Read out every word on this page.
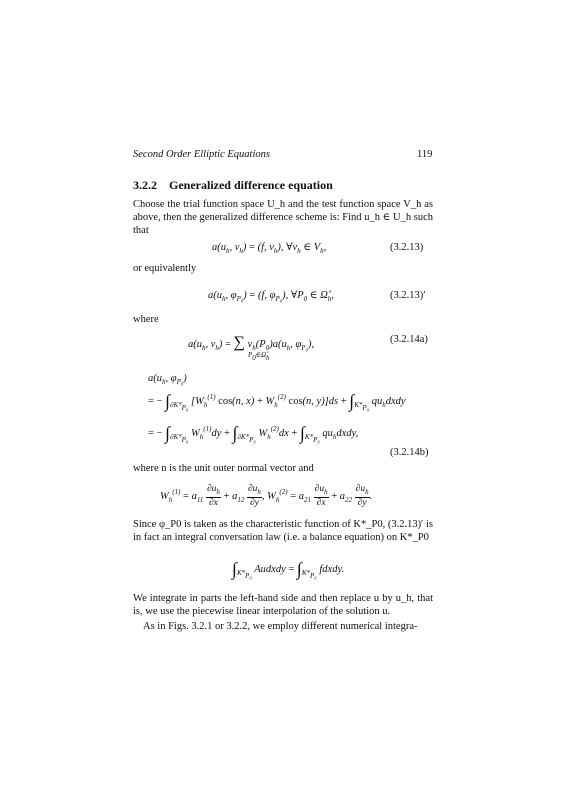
Second Order Elliptic Equations	119
3.2.2 Generalized difference equation
Choose the trial function space U_h and the test function space V_h as above, then the generalized difference scheme is: Find u_h ∈ U_h such that
$a(u_h$, $v_h) = (f$, $v_h$), $\forall v_h$ ∈ $V_h$,	(3.2.13)
or equivalently
$a(u_h$, $\varphi_{P_0}) = (f$, $\varphi_{P_0}$), $\forall P_0$ ∈ $\Omegå_h$,	(3.2.13)′
where
$a(u_h$, $v_h$) = ∑ $v_h(P_0)a(u_h$, $\varphi_{P_0}$),
P0∈Ω̊h
(3.2.14a)
$a(u_h$, $\varphi_{P_0}$)
= − $\int_{\partial K*P_0}$ [$W_h^{(1)}$ cos(n, $x) + W_h^{(2)}$ cos(n, $y)]ds + \int_{K*P_0}$ $qu_hdxdy$
= − $\int_{\partial K*P_0}$ $W_h^{(1)}dy + \int_{\partial K*P_0}$ $W_h^{(2)}dx + \int_{K*P_0}$ $qu_hdxdy$,
(3.2.14b)
where n is the unit outer normal vector and
$W_h^{(1)} = a_{11} \frac{\partial u_h}{\partial x} + a_{12} \frac{\partial u_h}{\partial y}$ , $W_h^{(2)} = a_{21} \frac{\partial u_h}{\partial x} + a_{22} \frac{\partial u_h}{\partial y}$ .
Since φ_P0 is taken as the characteristic function of K*_P0, (3.2.13)′ is in fact an integral conversation law (i.e. a balance equation) on K*_P0
$\int_{K*P_0}$ Audxdy = $\int_{K*P_0}$ fdxdy.
We integrate in parts the left-hand side and then replace u by u_h, that is, we use the piecewise linear interpolation of the solution u.
As in Figs. 3.2.1 or 3.2.2, we employ different numerical integra-
